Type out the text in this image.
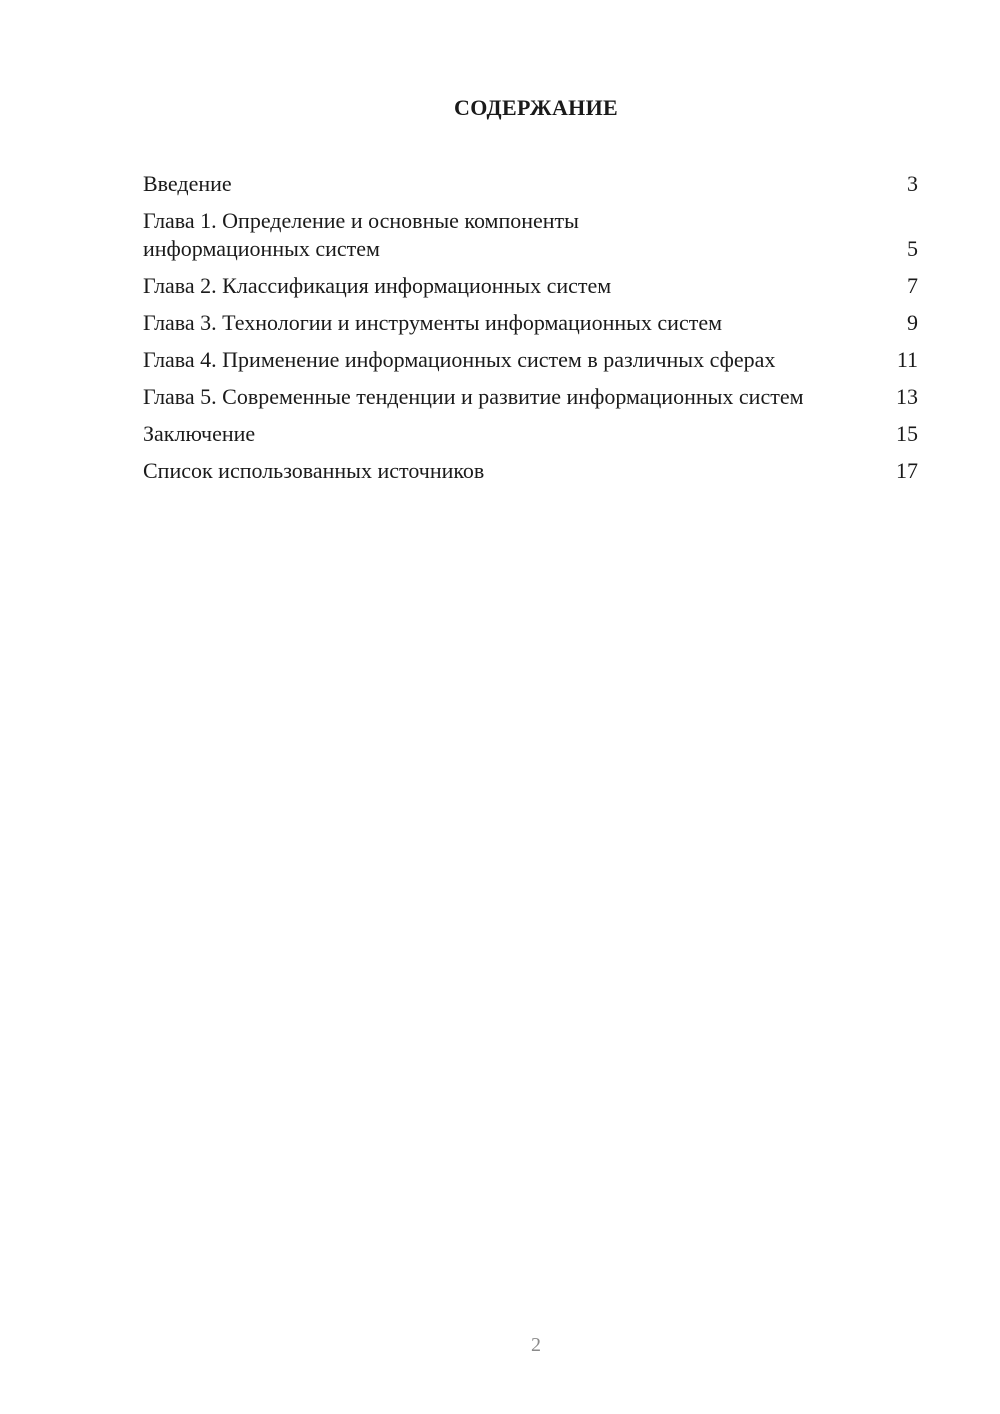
СОДЕРЖАНИЕ
Введение	3
Глава 1. Определение и основные компоненты информационных систем	5
Глава 2. Классификация информационных систем	7
Глава 3. Технологии и инструменты информационных систем	9
Глава 4. Применение информационных систем в различных сферах	11
Глава 5. Современные тенденции и развитие информационных систем	13
Заключение	15
Список использованных источников	17
2
